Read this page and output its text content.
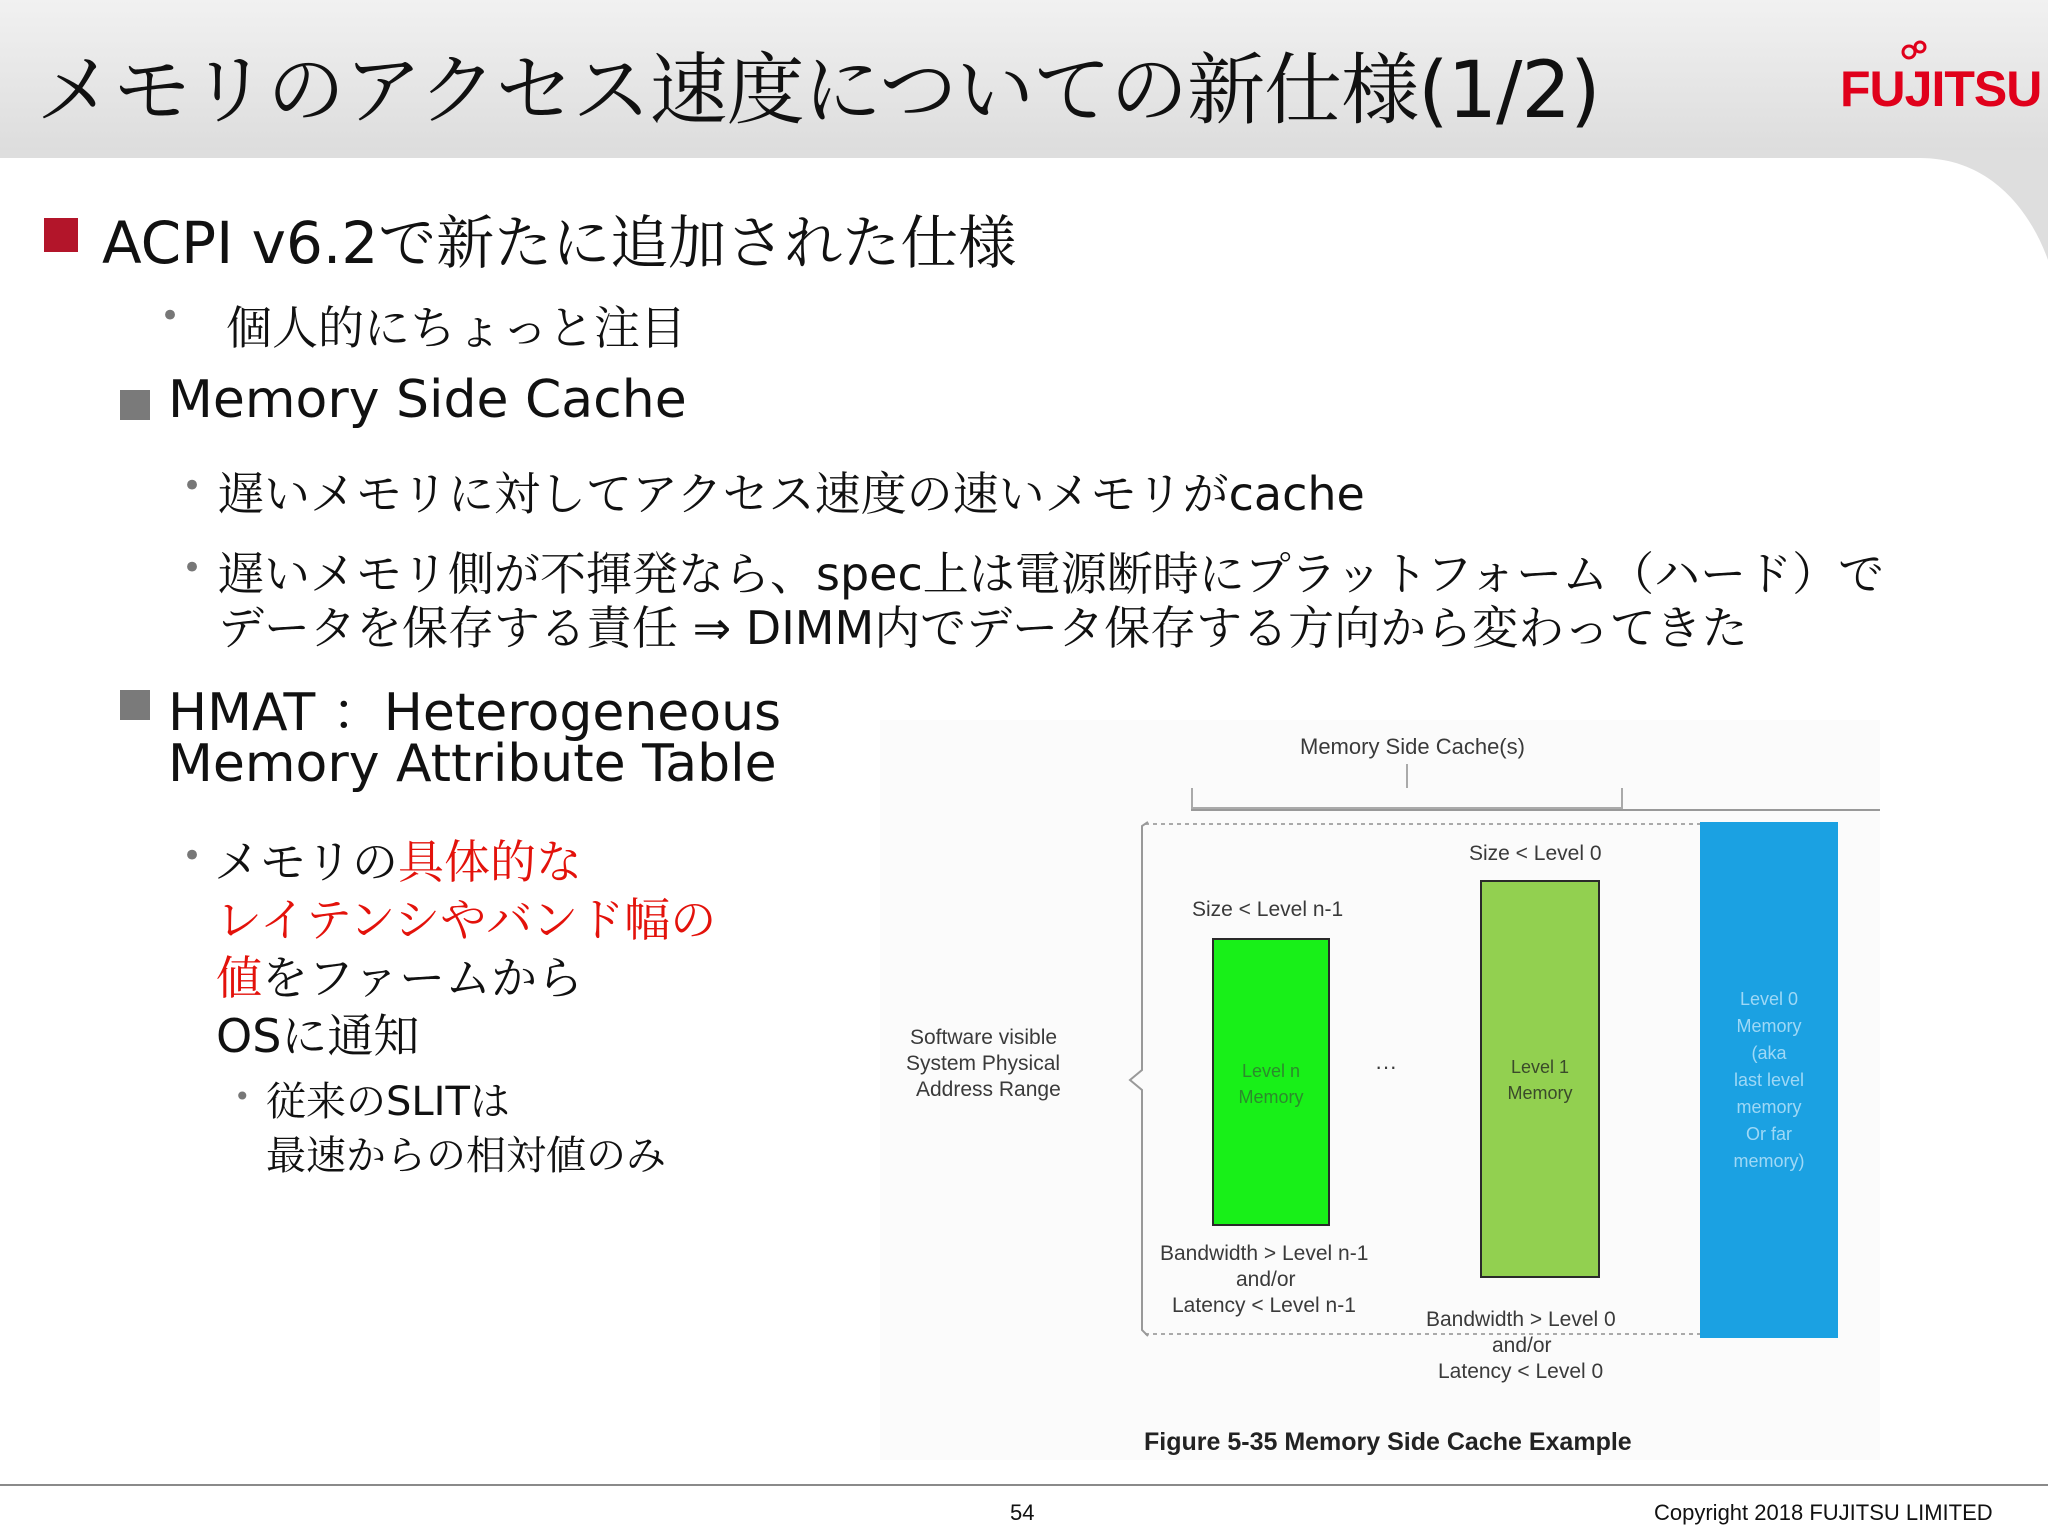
メモリのアクセス速度についての新仕様(1/2)	FUJITSU
ACPI v6.2で新たに追加された仕様
• 個人的にちょっと注目
Memory Side Cache
• 遅いメモリに対してアクセス速度の速いメモリがcache
• 遅いメモリ側が不揮発なら、spec上は電源断時にプラットフォーム（ハード）で
データを保存する責任 ⇒ DIMM内でデータ保存する方向から変わってきた
HMAT ：Heterogeneous
Memory Attribute Table
• メモリの具体的な
レイテンシやバンド幅の
値をファームから
OSに通知
• 従来のSLITは
最速からの相対値のみ
Memory Side Cache(s)
Software visible
System Physical
Address Range
Size < Level n-1
Level n
Memory
Bandwidth > Level n-1
and/or
Latency < Level n-1
···
Size < Level 0
Level 1
Memory
Bandwidth > Level 0
and/or
Latency < Level 0
Level 0
Memory
(aka
last level
memory
Or far
memory)
Figure 5-35 Memory Side Cache Example
54	Copyright 2018 FUJITSU LIMITED
